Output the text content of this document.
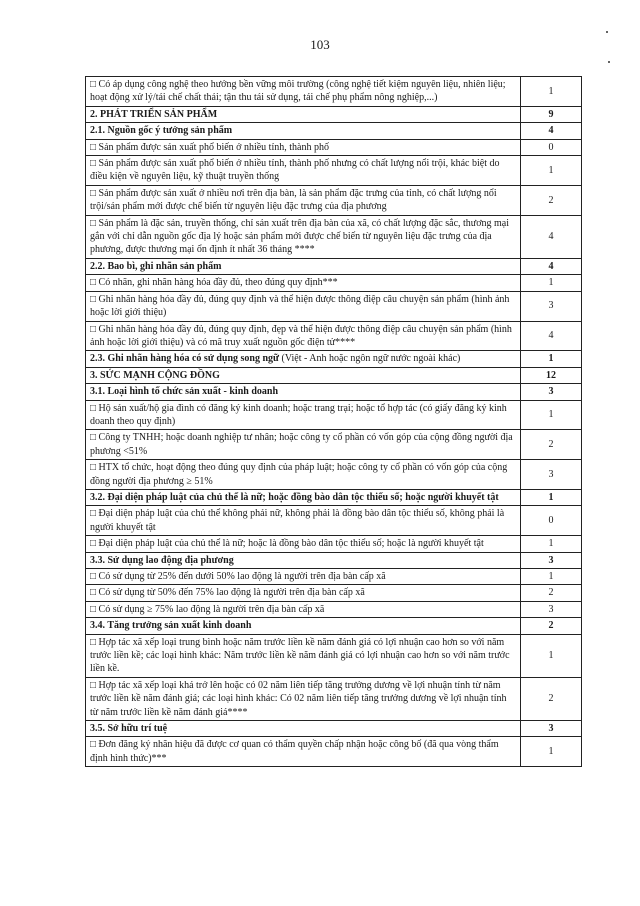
103
□ Có áp dụng công nghệ theo hướng bền vững môi trường (công nghệ tiết kiệm nguyên liệu, nhiên liệu; hoạt động xử lý/tái chế chất thải; tận thu tái sử dụng, tái chế phụ phẩm nông nghiệp,...)	1
2. PHÁT TRIỂN SẢN PHẨM	9
2.1. Nguồn gốc ý tưởng sản phẩm	4
□ Sản phẩm được sản xuất phổ biến ở nhiều tỉnh, thành phố	0
□ Sản phẩm được sản xuất phổ biến ở nhiều tỉnh, thành phố nhưng có chất lượng nổi trội, khác biệt do điều kiện về nguyên liệu, kỹ thuật truyền thống	1
□ Sản phẩm được sản xuất ở nhiều nơi trên địa bàn, là sản phẩm đặc trưng của tỉnh, có chất lượng nổi trội/sản phẩm mới được chế biến từ nguyên liệu đặc trưng của địa phương	2
□ Sản phẩm là đặc sản, truyền thống, chỉ sản xuất trên địa bàn của xã, có chất lượng đặc sắc, thương mại gắn với chỉ dẫn nguồn gốc địa lý hoặc sản phẩm mới được chế biến từ nguyên liệu đặc trưng của địa phương, được thương mại ổn định ít nhất 36 tháng ****	4
2.2. Bao bì, ghi nhãn sản phẩm	4
□ Có nhãn, ghi nhãn hàng hóa đầy đủ, theo đúng quy định***	1
□ Ghi nhãn hàng hóa đầy đủ, đúng quy định và thể hiện được thông điệp câu chuyện sản phẩm (hình ảnh hoặc lời giới thiệu)	3
□ Ghi nhãn hàng hóa đầy đủ, đúng quy định, đẹp và thể hiện được thông điệp câu chuyện sản phẩm (hình ảnh hoặc lời giới thiệu) và có mã truy xuất nguồn gốc điện tử****	4
2.3. Ghi nhãn hàng hóa có sử dụng song ngữ (Việt - Anh hoặc ngôn ngữ nước ngoài khác)	1
3. SỨC MẠNH CỘNG ĐỒNG	12
3.1. Loại hình tổ chức sản xuất - kinh doanh	3
□ Hộ sản xuất/hộ gia đình có đăng ký kinh doanh; hoặc trang trại; hoặc tổ hợp tác (có giấy đăng ký kinh doanh theo quy định)	1
□ Công ty TNHH; hoặc doanh nghiệp tư nhân; hoặc công ty cổ phần có vốn góp của cộng đồng người địa phương <51%	2
□ HTX tổ chức, hoạt động theo đúng quy định của pháp luật; hoặc công ty cổ phần có vốn góp của cộng đồng người địa phương ≥ 51%	3
3.2. Đại diện pháp luật của chủ thể là nữ; hoặc đồng bào dân tộc thiểu số; hoặc người khuyết tật	1
□ Đại diện pháp luật của chủ thể không phải nữ, không phải là đồng bào dân tộc thiểu số, không phải là người khuyết tật	0
□ Đại diện pháp luật của chủ thể là nữ; hoặc là đồng bào dân tộc thiểu số; hoặc là người khuyết tật	1
3.3. Sử dụng lao động địa phương	3
□ Có sử dụng từ 25% đến dưới 50% lao động là người trên địa bàn cấp xã	1
□ Có sử dụng từ 50% đến 75% lao động là người trên địa bàn cấp xã	2
□ Có sử dụng ≥ 75% lao động là người trên địa bàn cấp xã	3
3.4. Tăng trưởng sản xuất kinh doanh	2
□ Hợp tác xã xếp loại trung bình hoặc năm trước liền kề năm đánh giá có lợi nhuận cao hơn so với năm trước liền kề; các loại hình khác: Năm trước liền kề năm đánh giá có lợi nhuận cao hơn so với năm trước liền kề.	1
□ Hợp tác xã xếp loại khá trở lên hoặc có 02 năm liên tiếp tăng trưởng dương về lợi nhuận tính từ năm trước liền kề năm đánh giá; các loại hình khác: Có 02 năm liên tiếp tăng trưởng dương về lợi nhuận tính từ năm trước liền kề năm đánh giá****	2
3.5. Sở hữu trí tuệ	3
□ Đơn đăng ký nhãn hiệu đã được cơ quan có thẩm quyền chấp nhận hoặc công bố (đã qua vòng thẩm định hình thức)***	1
